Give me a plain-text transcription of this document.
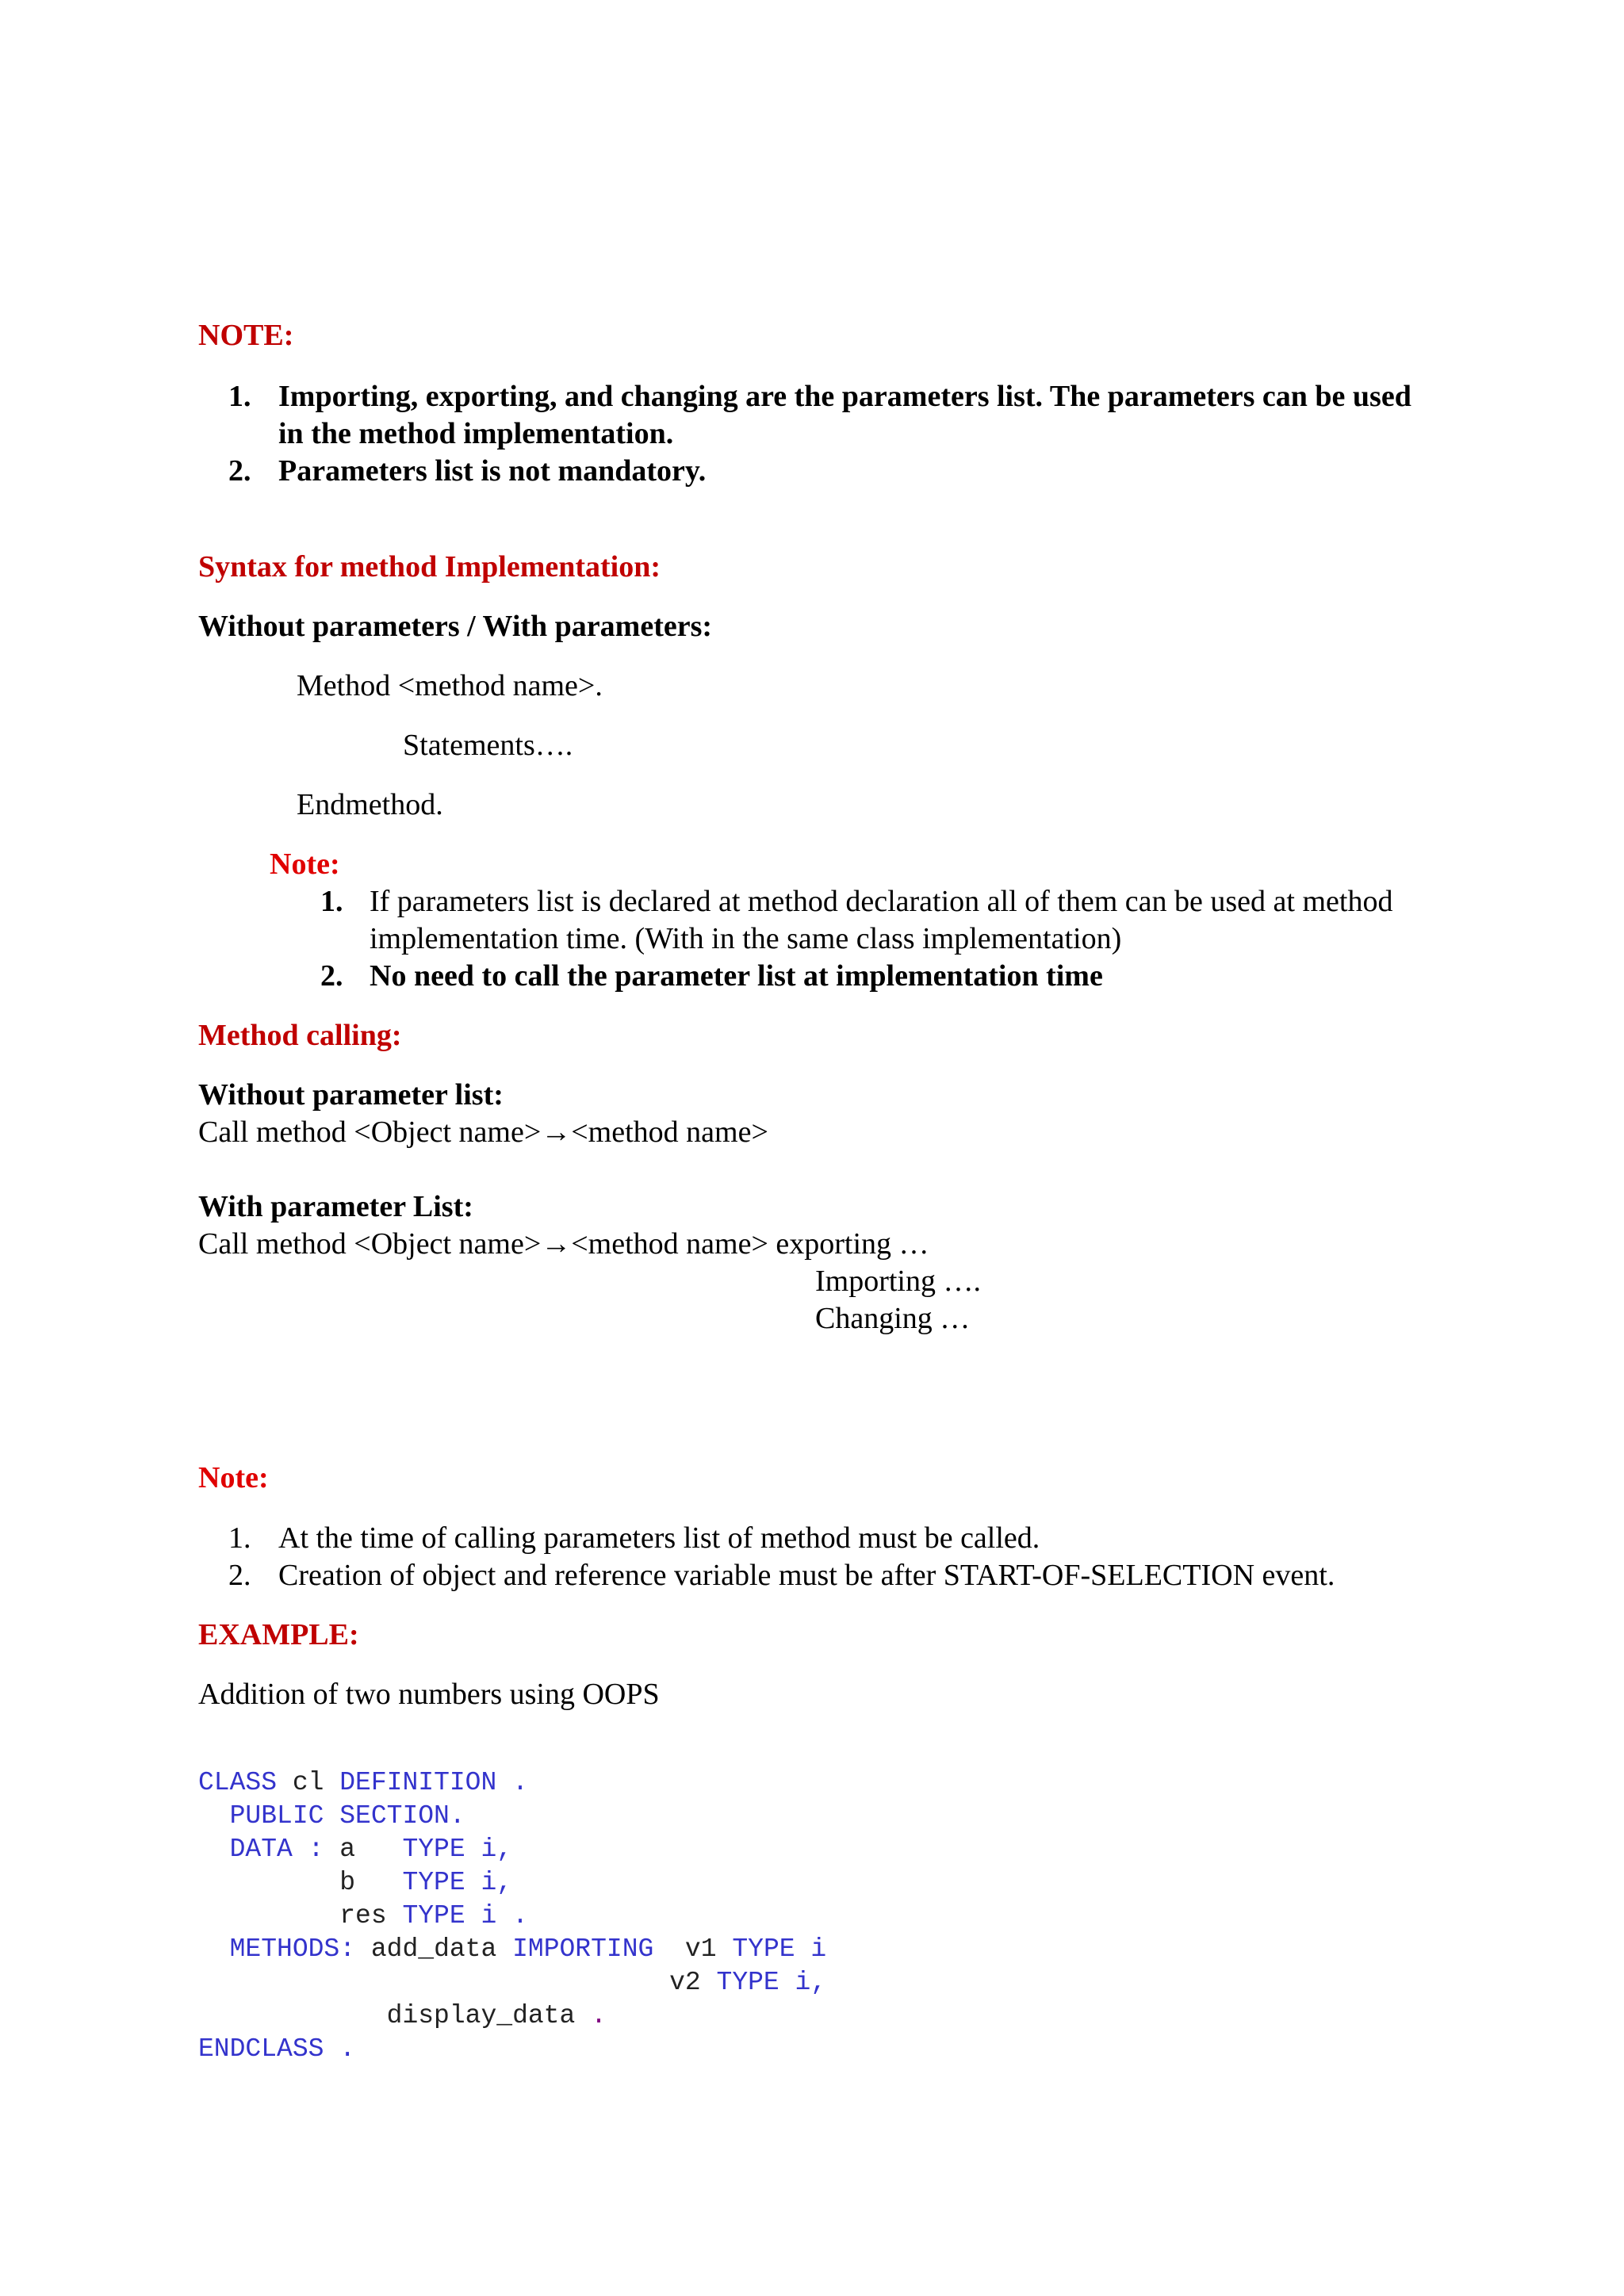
NOTE:
1. Importing, exporting, and changing are the parameters list. The parameters can be used
in the method implementation.
2. Parameters list is not mandatory.
Syntax for method Implementation:
Without parameters / With parameters:
Method <method name>.
Statements….
Endmethod.
Note:
1. If parameters list is declared at method declaration all of them can be used at method
implementation time. (With in the same class implementation)
2. No need to call the parameter list at implementation time
Method calling:
Without parameter list:
Call method <Object name>→<method name>
With parameter List:
Call method <Object name>→<method name> exporting …
Importing ….
Changing …
Note:
1. At the time of calling parameters list of method must be called.
2. Creation of object and reference variable must be after START-OF-SELECTION event.
EXAMPLE:
Addition of two numbers using OOPS
CLASS cl DEFINITION .
PUBLIC SECTION.
DATA : a   TYPE i,
b   TYPE i,
res TYPE i .
METHODS: add_data IMPORTING  v1 TYPE i
v2 TYPE i,
display_data .
ENDCLASS .
